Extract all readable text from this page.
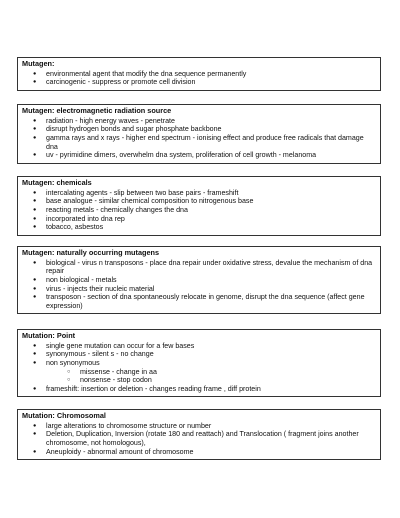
Mutagen:
● environmental agent that modify the dna sequence permanently
● carcinogenic - suppress or promote cell division
Mutagen: electromagnetic radiation source
● radiation - high energy waves - penetrate
● disrupt hydrogen bonds and sugar phosphate backbone
● gamma rays and x rays - higher end spectrum - ionising effect and produce free radicals that damage dna
● uv - pyrimidine dimers, overwhelm dna system, proliferation of cell growth - melanoma
Mutagen: chemicals
● intercalating agents - slip between two base pairs - frameshift
● base analogue - similar chemical composition to nitrogenous base
● reacting metals - chemically changes the dna
● incorporated into dna rep
● tobacco, asbestos
Mutagen: naturally occurring mutagens
● biological - virus n transposons - place dna repair under oxidative stress, devalue the mechanism of dna repair
● non biological - metals
● virus - injects their nucleic material
● transposon - section of dna spontaneously relocate in genome, disrupt the dna sequence (affect gene expression)
Mutation: Point
● single gene mutation can occur for a few bases
● synonymous - silent s - no change
● non synonymous
○ missense - change in aa
○ nonsense - stop codon
● frameshift: insertion or deletion - changes reading frame , diff protein
Mutation: Chromosomal
● large alterations to chromosome structure or number
● Deletion, Duplication, Inversion (rotate 180 and reattach) and Translocation ( fragment joins another chromosome, not homologous),
● Aneuploidy - abnormal amount of chromosome
